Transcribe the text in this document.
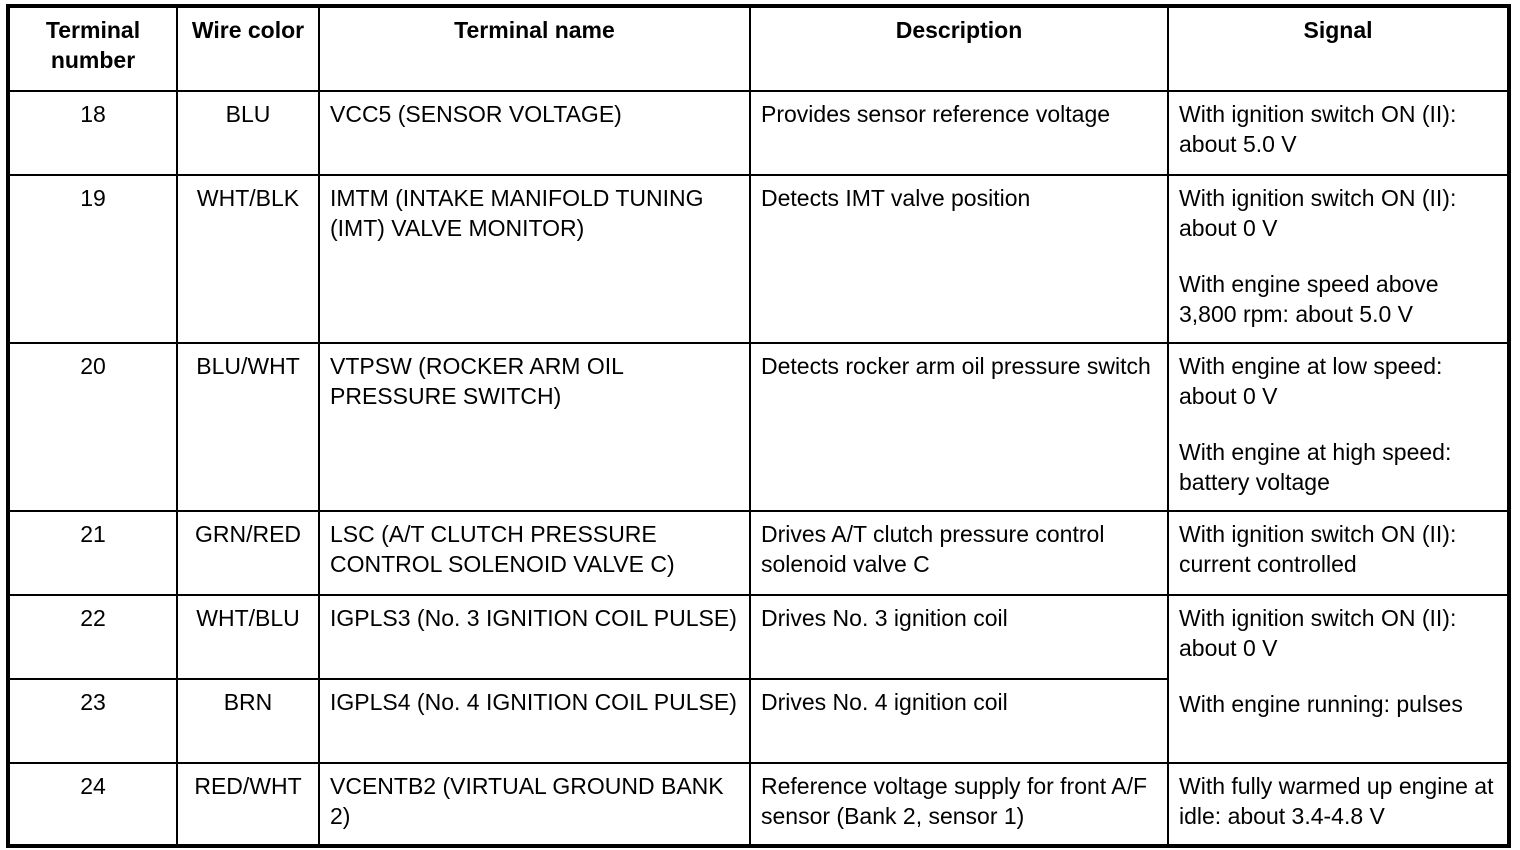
Terminal number	Wire color	Terminal name	Description	Signal
18	BLU	VCC5 (SENSOR VOLTAGE)	Provides sensor reference voltage	With ignition switch ON (II): about 5.0 V

19	WHT/BLK	IMTM (INTAKE MANIFOLD TUNING (IMT) VALVE MONITOR)	Detects IMT valve position	With ignition switch ON (II): about 0 V
With engine speed above 3,800 rpm: about 5.0 V

20	BLU/WHT	VTPSW (ROCKER ARM OIL PRESSURE SWITCH)	Detects rocker arm oil pressure switch	With engine at low speed: about 0 V
With engine at high speed: battery voltage

21	GRN/RED	LSC (A/T CLUTCH PRESSURE CONTROL SOLENOID VALVE C)	Drives A/T clutch pressure control solenoid valve C	With ignition switch ON (II): current controlled

22	WHT/BLU	IGPLS3 (No. 3 IGNITION COIL PULSE)	Drives No. 3 ignition coil	With ignition switch ON (II): about 0 V
With engine running: pulses

23	BRN	IGPLS4 (No. 4 IGNITION COIL PULSE)	Drives No. 4 ignition coil	
24	RED/WHT	VCENTB2 (VIRTUAL GROUND BANK 2)	Reference voltage supply for front A/F sensor (Bank 2, sensor 1)	With fully warmed up engine at idle: about 3.4-4.8 V
